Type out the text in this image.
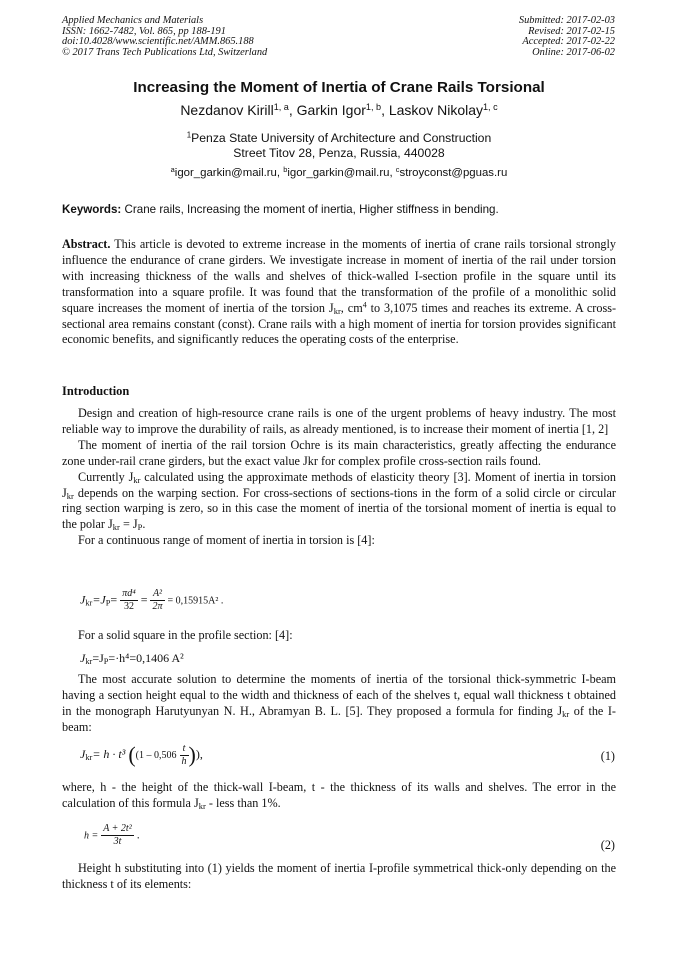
Applied Mechanics and Materials
ISSN: 1662-7482, Vol. 865, pp 188-191
doi:10.4028/www.scientific.net/AMM.865.188
© 2017 Trans Tech Publications Ltd, Switzerland
Submitted: 2017-02-03
Revised: 2017-02-15
Accepted: 2017-02-22
Online: 2017-06-02
Increasing the Moment of Inertia of Crane Rails Torsional
Nezdanov Kirill$^{1, a}$, Garkin Igor$^{1, b}$, Laskov Nikolay$^{1, c}$
$^1$Penza State University of Architecture and Construction
Street Titov 28, Penza, Russia, 440028
$^a$igor_garkin@mail.ru, $^b$igor_garkin@mail.ru, $^c$stroyconst@pguas.ru
Keywords: Crane rails, Increasing the moment of inertia, Higher stiffness in bending.

Abstract. This article is devoted to extreme increase in the moments of inertia of crane rails torsional strongly influence the endurance of crane girders. We investigate increase in moment of inertia of the rail under torsion with increasing thickness of the walls and shelves of thick-walled I-section profile in the square until its transformation into a square profile. It was found that the transformation of the profile of a monolithic solid square increases the moment of inertia of the torsion $J_{kr}$, $cm^4$ to 3,1075 times and reaches its extreme. A cross-sectional area remains constant (const). Crane rails with a high moment of inertia for torsion provides significant economic benefits, and significantly reduces the operating costs of the enterprise.

Introduction

Design and creation of high-resource crane rails is one of the urgent problems of heavy industry. The most reliable way to improve the durability of rails, as already mentioned, is to increase their moment of inertia [1, 2]

The moment of inertia of the rail torsion Ochre is its main characteristics, greatly affecting the endurance zone under-rail crane girders, but the exact value Jkr for complex profile cross-section rails found.

Currently $J_{kr}$ calculated using the approximate methods of elasticity theory [3]. Moment of inertia in torsion $J_{kr}$ depends on the warping section. For cross-sections of sections-tions in the form of a solid circle or circular ring section warping is zero, so in this case the moment of inertia of the torsional moment of inertia is equal to the polar $J_{kr} = J_P$.

For a continuous range of moment of inertia in torsion is [4]:

$J_{kr}=J_P= \frac{\text{πd⁴}}{32} = \frac{\text{A²}}{2\pi} = 0,15915A^2$ .

For a solid square in the profile section: [4]:

$J_{kr}=J_P=\cdot h^4=0,1406$ A²

The most accurate solution to determine the moments of inertia of the torsional thick-symmetric I-beam having a section height equal to the width and thickness of each of the shelves t, equal wall thickness t obtained in the monograph Harutyunyan N. H., Abramyan B. L. [5]. They proposed a formula for finding $J_{kr}$ of the I-beam:

$J_{kr}= h \cdot t^3$ (($1 - 0,506 \frac{t}{h}$ )),	(1)

where, h - the height of the thick-wall I-beam, t - the thickness of its walls and shelves. The error in the calculation of this formula $J_{kr}$ - less than 1%.

$h = \frac{\text{A + 2t²}}{3t}$ .
(2)

Height h substituting into (1) yields the moment of inertia I-profile symmetrical thick-only depending on the thickness t of its elements:
